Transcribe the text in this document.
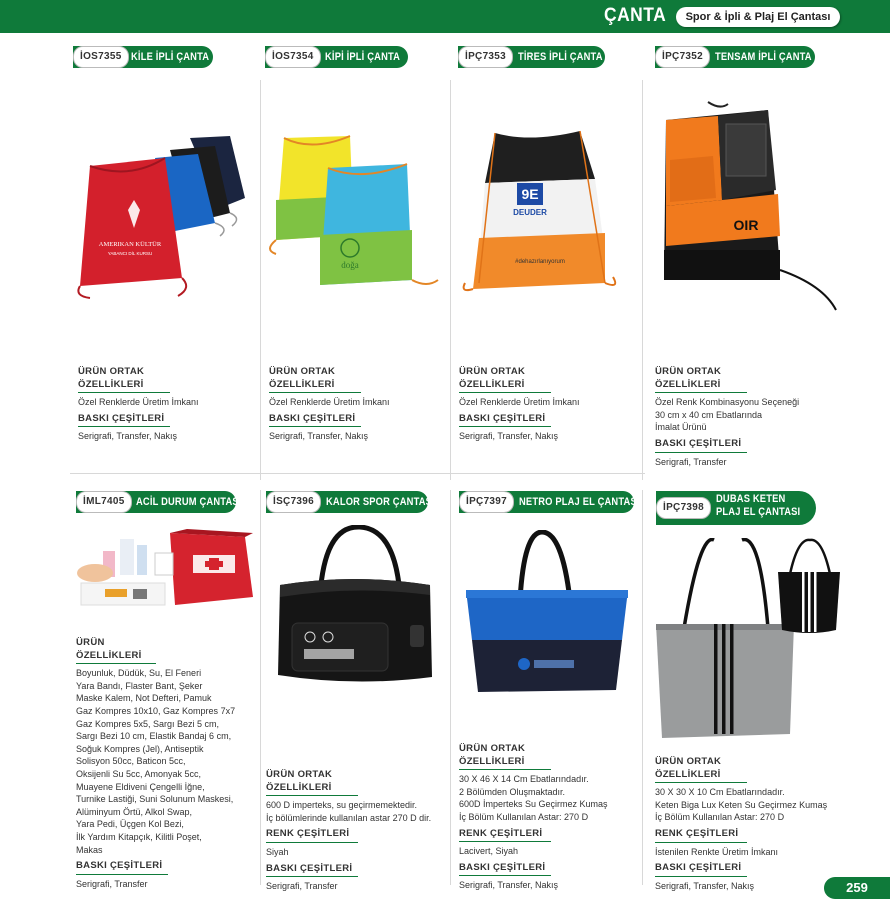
ÇANTA	Spor & İpli & Plaj El Çantası
İOS7355 KİLE İPLİ ÇANTA	İOS7354	KİPİ İPLİ ÇANTA	İPÇ7353	TİRES İPLİ ÇANTA	İPÇ7352	TENSAM İPLİ ÇANTA
AMERIKAN KÜLTÜR
YABANCI DİL KURSU
doğa
9E
DEUDER
#dehazırlanıyorum
OIR
ÜRÜN ORTAK ÖZELLİKLERİ
Özel Renklerde Üretim İmkanı
BASKI ÇEŞİTLERİ
Serigrafi, Transfer, Nakış
ÜRÜN ORTAK ÖZELLİKLERİ
Özel Renklerde Üretim İmkanı
BASKI ÇEŞİTLERİ
Serigrafi, Transfer, Nakış
ÜRÜN ORTAK ÖZELLİKLERİ
Özel Renklerde Üretim İmkanı
BASKI ÇEŞİTLERİ
Serigrafi, Transfer, Nakış
ÜRÜN ORTAK ÖZELLİKLERİ
Özel Renk Kombinasyonu Seçeneği
30 cm x 40 cm Ebatlarında
İmalat Ürünü
BASKI ÇEŞİTLERİ
Serigrafi, Transfer
İML7405	ACİL DURUM ÇANTASI	İSÇ7396	KALOR SPOR ÇANTASI	İPÇ7397	NETRO PLAJ EL ÇANTASI	İPÇ7398
DUBAS KETEN PLAJ EL ÇANTASI
ÜRÜN ÖZELLİKLERİ
Boyunluk, Düdük, Su, El Feneri
Yara Bandı, Flaster Bant, Şeker
Maske Kalem, Not Defteri, Pamuk
Gaz Kompres 10x10, Gaz Kompres 7x7
Gaz Kompres 5x5, Sargı Bezi 5 cm,
Sargı Bezi 10 cm, Elastik Bandaj 6 cm,
Soğuk Kompres (Jel), Antiseptik
Solisyon 50cc, Baticon 5cc,
Oksijenli Su 5cc, Amonyak 5cc,
Muayene Eldiveni Çengelli İğne,
Turnike Lastiği, Suni Solunum Maskesi,
Alüminyum Örtü, Alkol Swap,
Yara Pedi, Üçgen Kol Bezi,
İlk Yardım Kitapçık, Kilitli Poşet,
Makas
BASKI ÇEŞİTLERİ
Serigrafi, Transfer
ÜRÜN ORTAK ÖZELLİKLERİ
600 D imperteks, su geçirmemektedir.
İç bölümlerinde kullanılan astar 270 D dir.
RENK ÇEŞİTLERİ
Siyah
BASKI ÇEŞİTLERİ
Serigrafi, Transfer
ÜRÜN ORTAK ÖZELLİKLERİ
30 X 46 X 14 Cm Ebatlarındadır.
2 Bölümden Oluşmaktadır.
600D İmperteks Su Geçirmez Kumaş
İç Bölüm Kullanılan Astar: 270 D
RENK ÇEŞİTLERİ
Lacivert, Siyah
BASKI ÇEŞİTLERİ
Serigrafi, Transfer, Nakış
ÜRÜN ORTAK ÖZELLİKLERİ
30 X 30 X 10 Cm Ebatlarındadır.
Keten Biga Lux Keten Su Geçirmez Kumaş
İç Bölüm Kullanılan Astar: 270 D
RENK ÇEŞİTLERİ
İstenilen Renkte Üretim İmkanı
BASKI ÇEŞİTLERİ
Serigrafi, Transfer, Nakış	259
